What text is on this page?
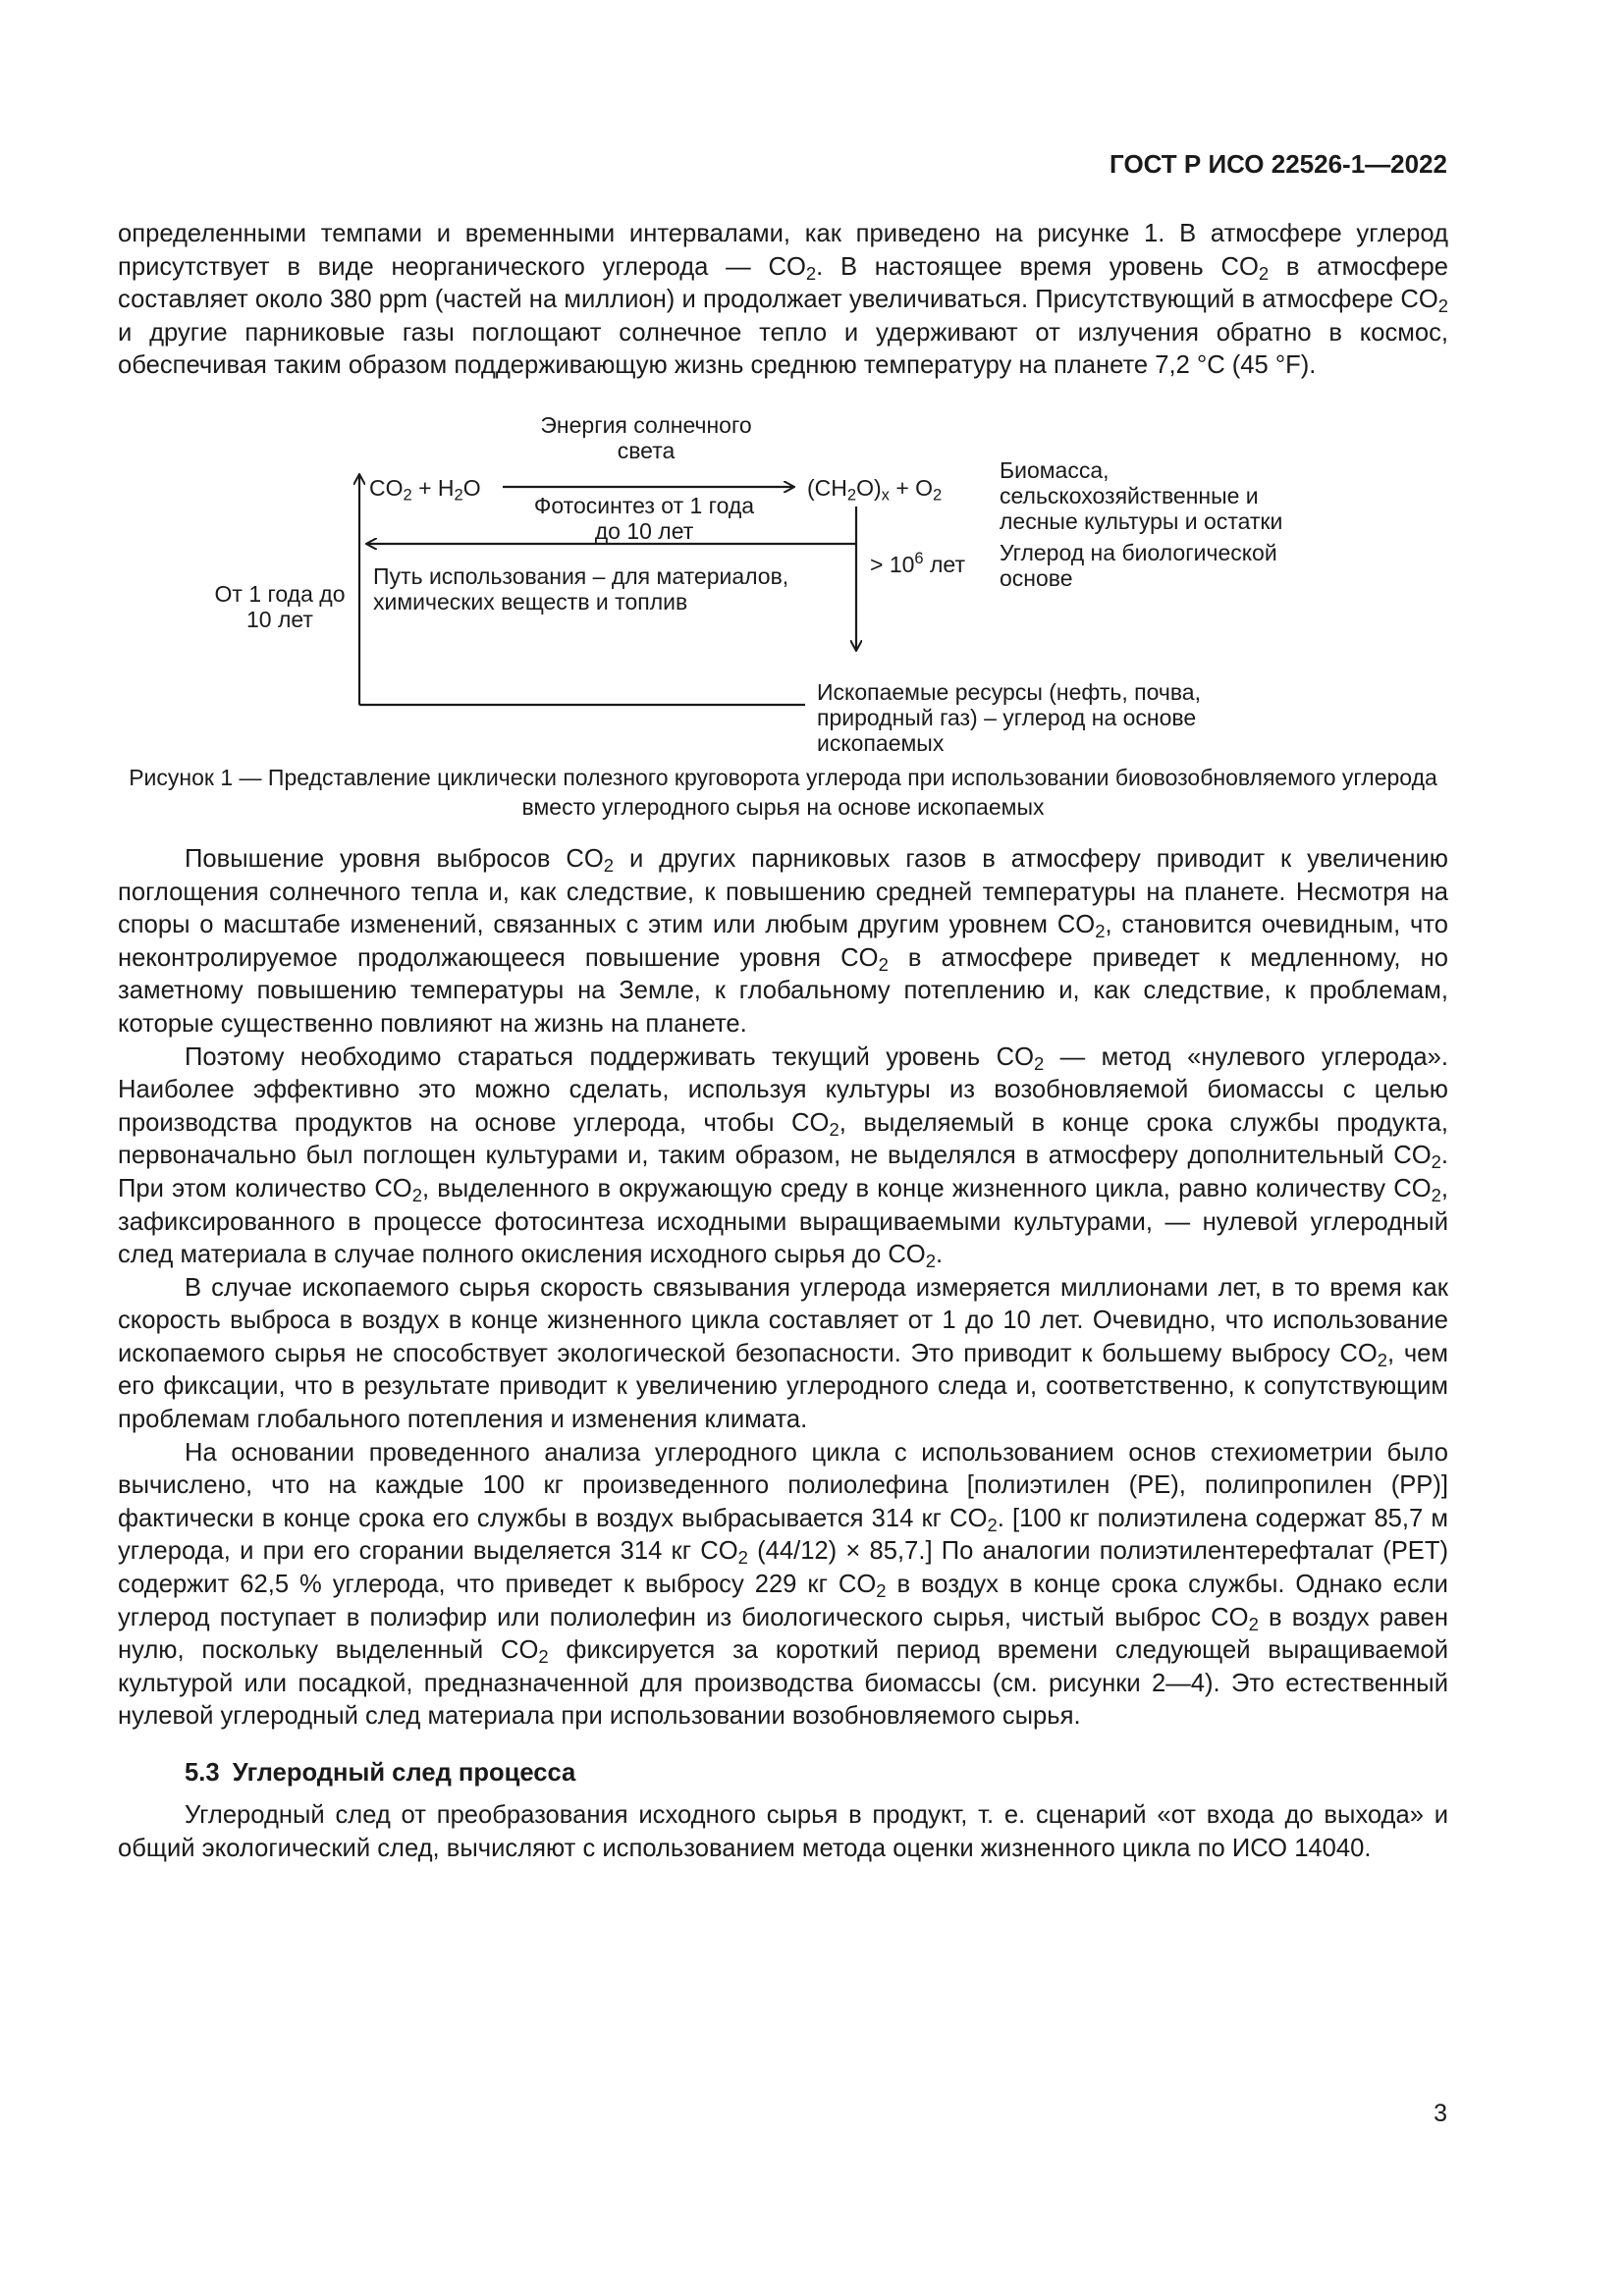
ГОСТ Р ИСО 22526-1—2022

определенными темпами и временными интервалами, как приведено на рисунке 1. В атмосфере углерод присутствует в виде неорганического углерода — $CO_2$. В настоящее время уровень $CO_2$ в атмосфере составляет около 380 ppm (частей на миллион) и продолжает увеличиваться. Присутствующий в атмосфере $CO_2$ и другие парниковые газы поглощают солнечное тепло и удерживают от излучения обратно в космос, обеспечивая таким образом поддерживающую жизнь среднюю температуру на планете 7,2 °С (45 °F).

$CO_2 + H_2O$
Энергия солнечного света
$(CH_2O)_x + O_2$
Биомасса, сельскохозяйственные и лесные культуры и остатки
Углерод на биологической основе
Фотосинтез от 1 года до 10 лет
> $10^6$ лет
От 1 года до 10 лет
Путь использования – для материалов, химических веществ и топлив
Ископаемые ресурсы (нефть, почва, природный газ) – углерод на основе ископаемых

Рисунок 1 — Представление циклически полезного круговорота углерода при использовании биовозобновляемого углерода вместо углеродного сырья на основе ископаемых

Повышение уровня выбросов $CO_2$ и других парниковых газов в атмосферу приводит к увеличению поглощения солнечного тепла и, как следствие, к повышению средней температуры на планете. Несмотря на споры о масштабе изменений, связанных с этим или любым другим уровнем $CO_2$, становится очевидным, что неконтролируемое продолжающееся повышение уровня $CO_2$ в атмосфере приведет к медленному, но заметному повышению температуры на Земле, к глобальному потеплению и, как следствие, к проблемам, которые существенно повлияют на жизнь на планете.

Поэтому необходимо стараться поддерживать текущий уровень $CO_2$ — метод «нулевого углерода». Наиболее эффективно это можно сделать, используя культуры из возобновляемой биомассы с целью производства продуктов на основе углерода, чтобы $CO_2$, выделяемый в конце срока службы продукта, первоначально был поглощен культурами и, таким образом, не выделялся в атмосферу дополнительный $CO_2$. При этом количество $CO_2$, выделенного в окружающую среду в конце жизненного цикла, равно количеству $CO_2$, зафиксированного в процессе фотосинтеза исходными выращиваемыми культурами, — нулевой углеродный след материала в случае полного окисления исходного сырья до $CO_2$.

В случае ископаемого сырья скорость связывания углерода измеряется миллионами лет, в то время как скорость выброса в воздух в конце жизненного цикла составляет от 1 до 10 лет. Очевидно, что использование ископаемого сырья не способствует экологической безопасности. Это приводит к большему выбросу $CO_2$, чем его фиксации, что в результате приводит к увеличению углеродного следа и, соответственно, к сопутствующим проблемам глобального потепления и изменения климата.

На основании проведенного анализа углеродного цикла с использованием основ стехиометрии было вычислено, что на каждые 100 кг произведенного полиолефина [полиэтилен (PE), полипропилен (PP)] фактически в конце срока его службы в воздух выбрасывается 314 кг $CO_2$. [100 кг полиэтилена содержат 85,7 м углерода, и при его сгорании выделяется 314 кг $CO_2$ (44/12) × 85,7.] По аналогии полиэтилентерефталат (PET) содержит 62,5 % углерода, что приведет к выбросу 229 кг $CO_2$ в воздух в конце срока службы. Однако если углерод поступает в полиэфир или полиолефин из биологического сырья, чистый выброс $CO_2$ в воздух равен нулю, поскольку выделенный $CO_2$ фиксируется за короткий период времени следующей выращиваемой культурой или посадкой, предназначенной для производства биомассы (см. рисунки 2—4). Это естественный нулевой углеродный след материала при использовании возобновляемого сырья.

5.3 Углеродный след процесса

Углеродный след от преобразования исходного сырья в продукт, т. е. сценарий «от входа до выхода» и общий экологический след, вычисляют с использованием метода оценки жизненного цикла по ИСО 14040.

3
